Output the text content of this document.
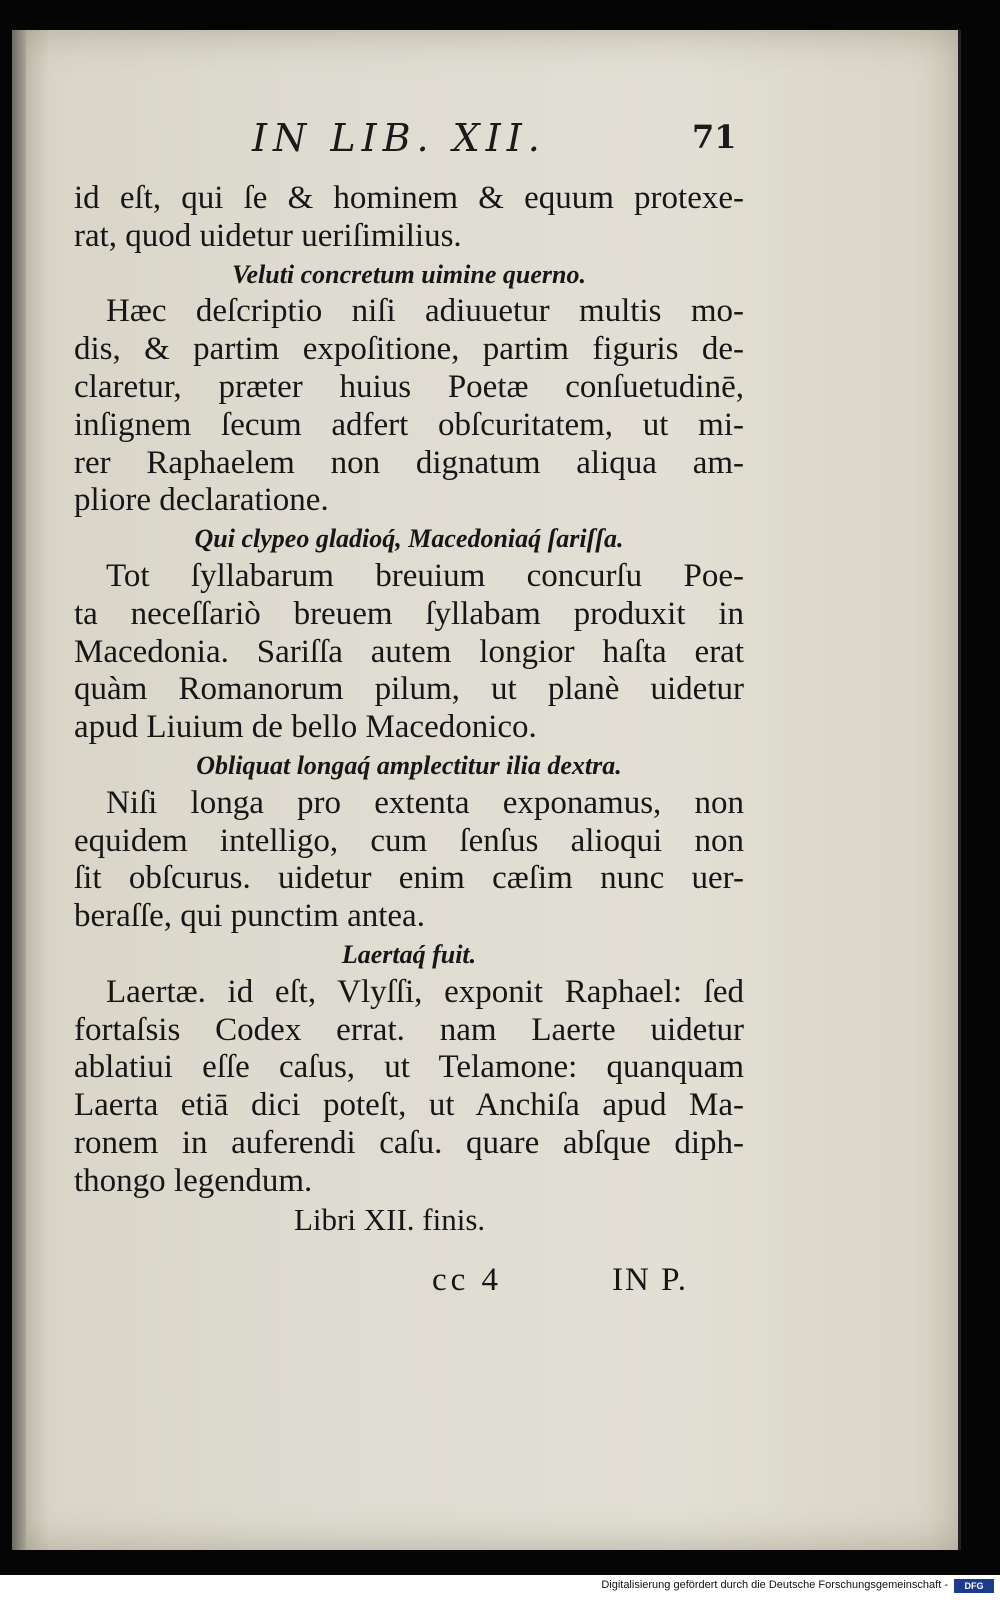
IN LIB. XII.	71
id eſt, qui ſe & hominem & equum protexe-
rat, quod uidetur ueriſimilius.
Veluti concretum uimine querno.
Hæc deſcriptio niſi adiuuetur multis mo-
dis, & partim expoſitione, partim figuris de-
claretur, præter huius Poetæ conſuetudinē,
inſignem ſecum adfert obſcuritatem, ut mi-
rer Raphaelem non dignatum aliqua am-
pliore declaratione.
Qui clypeo gladioq́, Macedoniaq́ ſariſſa.
Tot ſyllabarum breuium concurſu Poe-
ta neceſſariò breuem ſyllabam produxit in
Macedonia. Sariſſa autem longior haſta erat
quàm Romanorum pilum, ut planè uidetur
apud Liuium de bello Macedonico.
Obliquat longaq́ amplectitur ilia dextra.
Niſi longa pro extenta exponamus, non
equidem intelligo, cum ſenſus alioqui non
ſit obſcurus. uidetur enim cæſim nunc uer-
beraſſe, qui punctim antea.
Laertaq́ fuit.
Laertæ. id eſt, Vlyſſi, exponit Raphael: ſed
fortaſsis Codex errat. nam Laerte uidetur
ablatiui eſſe caſus, ut Telamone: quanquam
Laerta etiā dici poteſt, ut Anchiſa apud Ma-
ronem in auferendi caſu. quare abſque diph-
thongo legendum.
Libri XII. finis.
cc 4	IN P.
Digitalisierung gefördert durch die Deutsche Forschungsgemeinschaft -	DFG
